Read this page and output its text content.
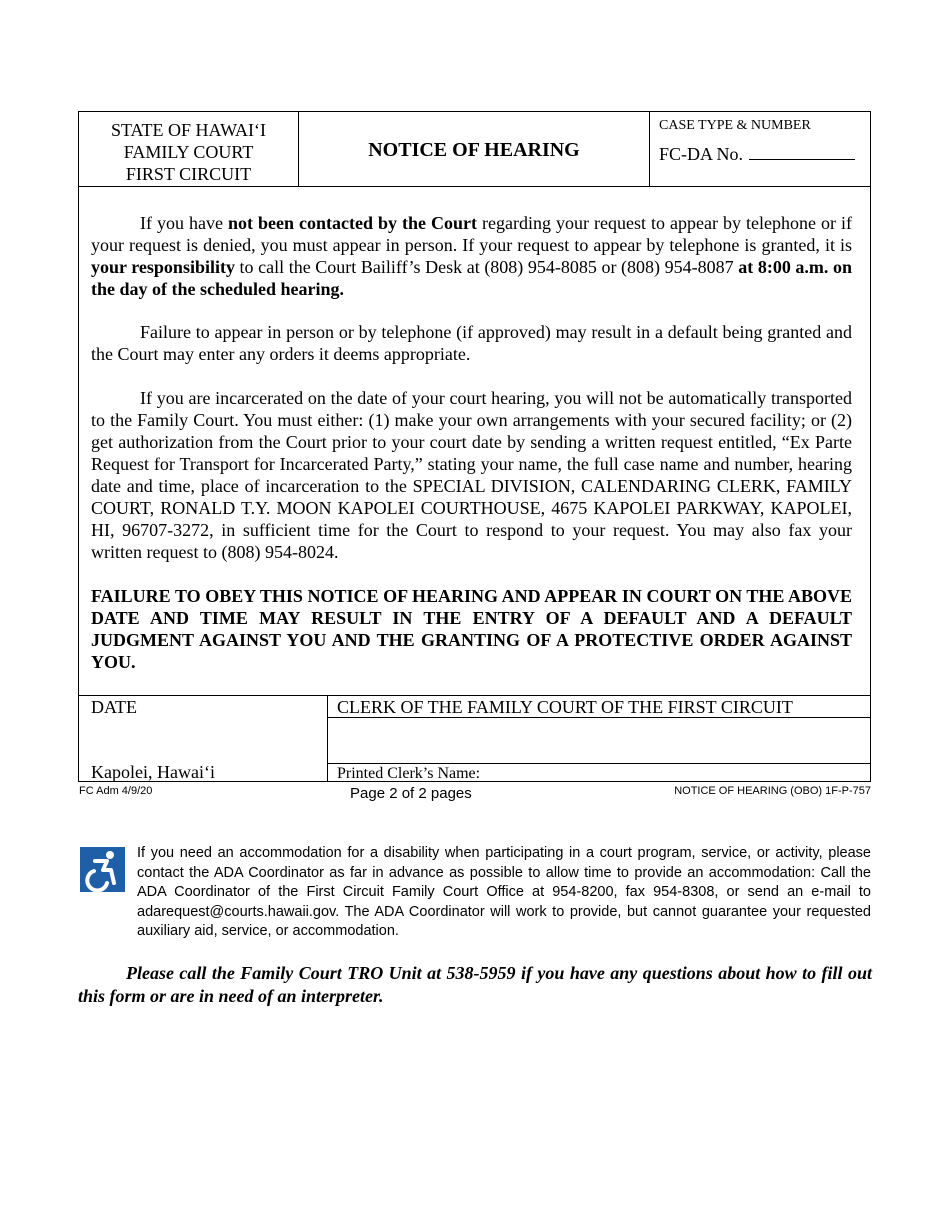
STATE OF HAWAI‘I
FAMILY COURT
FIRST CIRCUIT
NOTICE OF HEARING
CASE TYPE & NUMBER
FC-DA No.

If you have not been contacted by the Court regarding your request to appear by telephone or if your request is denied, you must appear in person. If your request to appear by telephone is granted, it is your responsibility to call the Court Bailiff’s Desk at (808) 954-8085 or (808) 954-8087 at 8:00 a.m. on the day of the scheduled hearing.

Failure to appear in person or by telephone (if approved) may result in a default being granted and the Court may enter any orders it deems appropriate.

If you are incarcerated on the date of your court hearing, you will not be automatically transported to the Family Court. You must either: (1) make your own arrangements with your secured facility; or (2) get authorization from the Court prior to your court date by sending a written request entitled, “Ex Parte Request for Transport for Incarcerated Party,” stating your name, the full case name and number, hearing date and time, place of incarceration to the SPECIAL DIVISION, CALENDARING CLERK, FAMILY COURT, RONALD T.Y. MOON KAPOLEI COURTHOUSE, 4675 KAPOLEI PARKWAY, KAPOLEI, HI, 96707-3272, in sufficient time for the Court to respond to your request. You may also fax your written request to (808) 954-8024.

FAILURE TO OBEY THIS NOTICE OF HEARING AND APPEAR IN COURT ON THE ABOVE DATE AND TIME MAY RESULT IN THE ENTRY OF A DEFAULT AND A DEFAULT JUDGMENT AGAINST YOU AND THE GRANTING OF A PROTECTIVE ORDER AGAINST YOU.

DATE
Kapolei, Hawai‘i
CLERK OF THE FAMILY COURT OF THE FIRST CIRCUIT
Printed Clerk’s Name:
FC Adm 4/9/20	Page 2 of 2 pages	NOTICE OF HEARING (OBO) 1F-P-757

If you need an accommodation for a disability when participating in a court program, service, or activity, please contact the ADA Coordinator as far in advance as possible to allow time to provide an accommodation: Call the ADA Coordinator of the First Circuit Family Court Office at 954-8200, fax 954-8308, or send an e-mail to adarequest@courts.hawaii.gov. The ADA Coordinator will work to provide, but cannot guarantee your requested auxiliary aid, service, or accommodation.

Please call the Family Court TRO Unit at 538-5959 if you have any questions about how to fill out this form or are in need of an interpreter.
